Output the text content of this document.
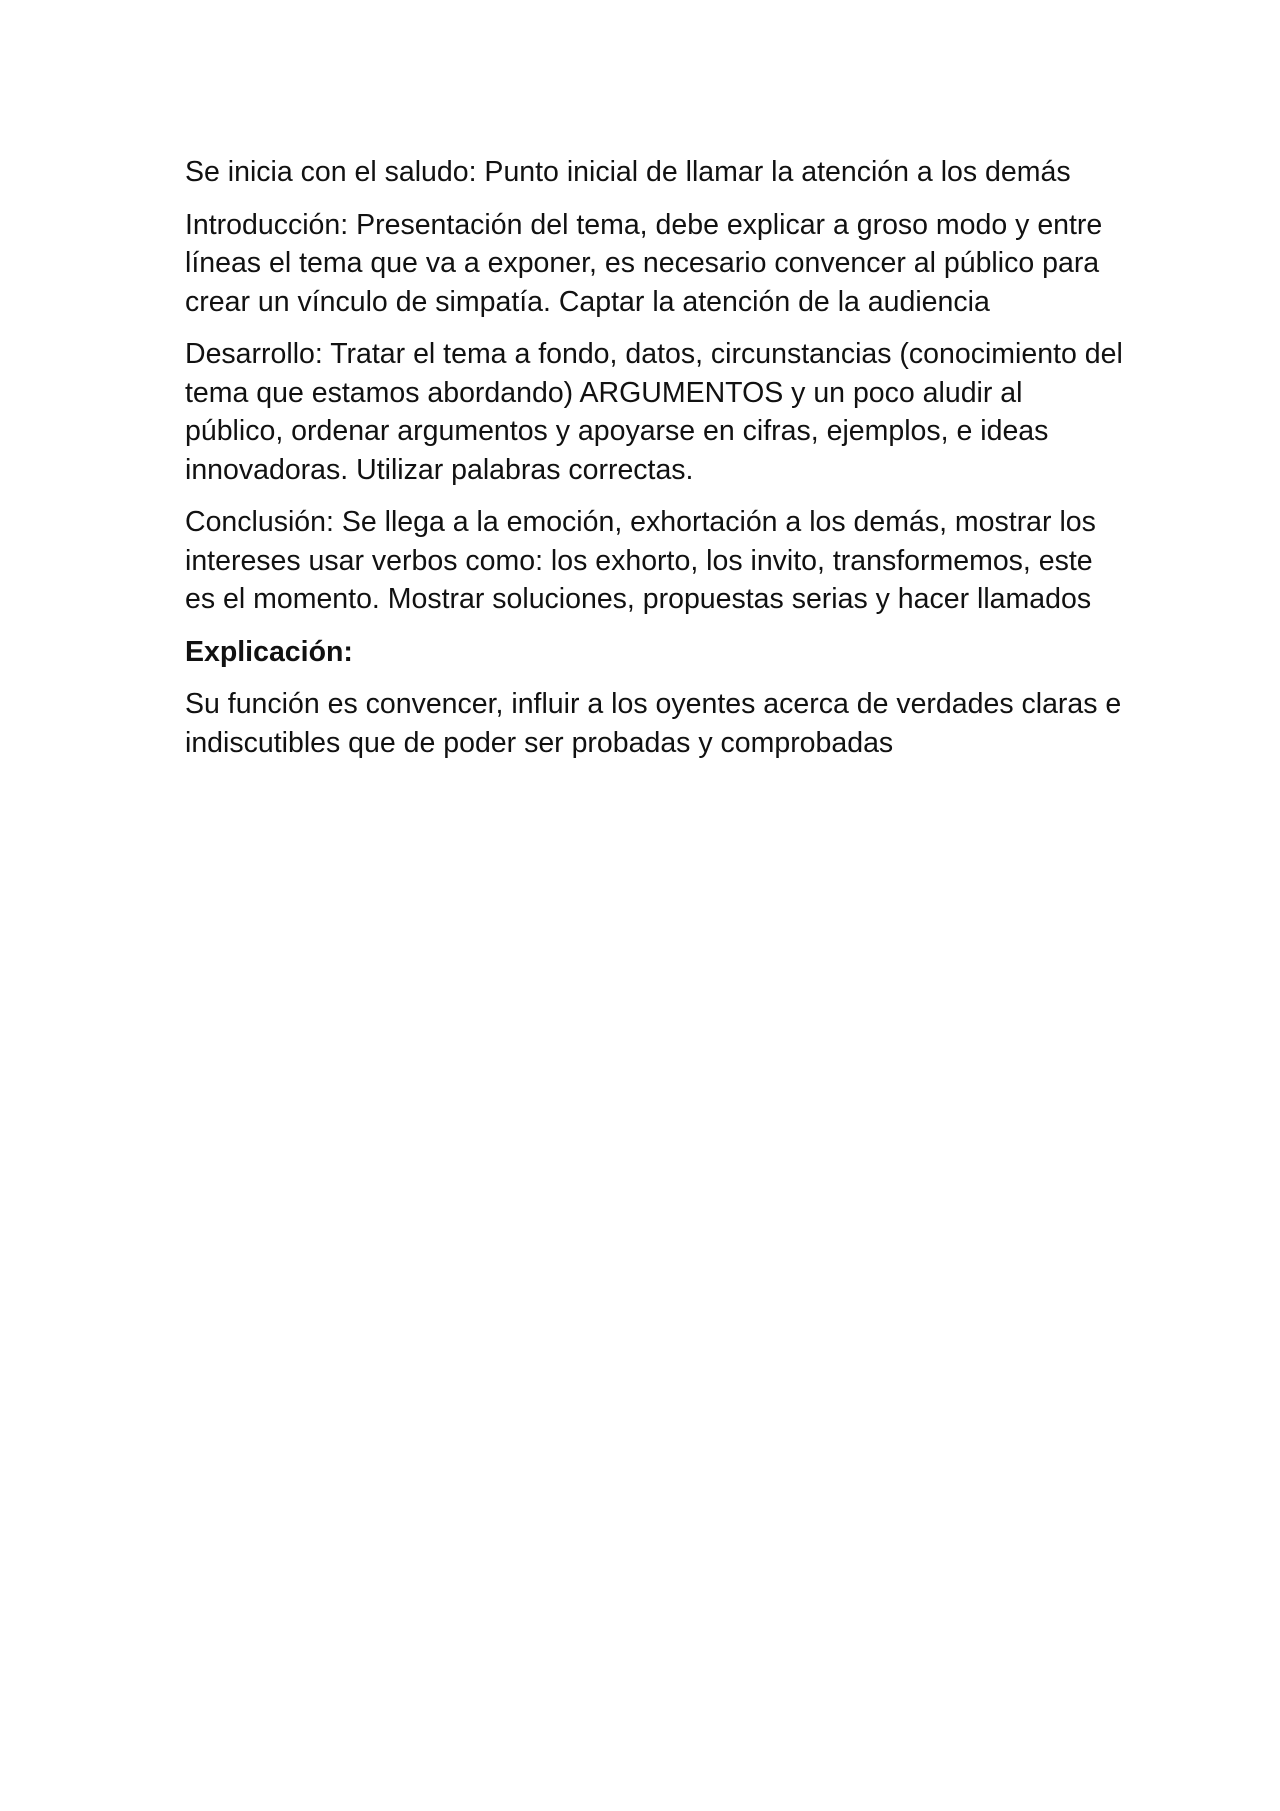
Se inicia con el saludo: Punto inicial de llamar la atención a los demás

Introducción: Presentación del tema, debe explicar a groso modo y entre líneas el tema que va a exponer, es necesario convencer al público para crear un vínculo de simpatía. Captar la atención de la audiencia

Desarrollo: Tratar el tema a fondo, datos, circunstancias (conocimiento del tema que estamos abordando) ARGUMENTOS y un poco aludir al público, ordenar argumentos y apoyarse en cifras, ejemplos, e ideas innovadoras. Utilizar palabras correctas.

Conclusión: Se llega a la emoción, exhortación a los demás, mostrar los intereses usar verbos como: los exhorto, los invito, transformemos, este es el momento. Mostrar soluciones, propuestas serias y hacer llamados

Explicación:

Su función es convencer, influir a los oyentes acerca de verdades claras e indiscutibles que de poder ser probadas y comprobadas
